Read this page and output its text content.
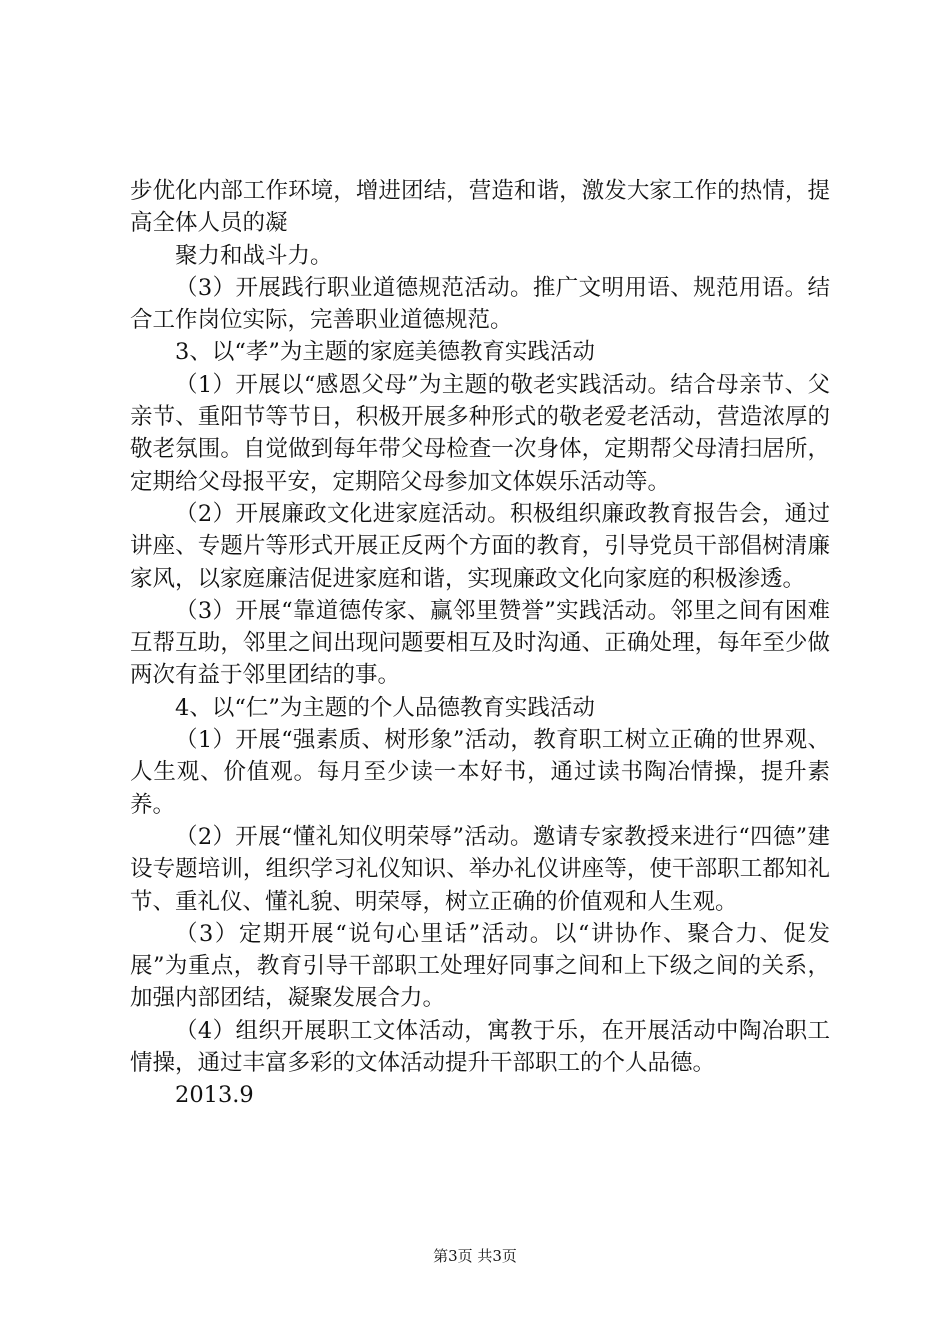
步优化内部工作环境，增进团结，营造和谐，激发大家工作的热情，提高全体人员的凝

聚力和战斗力。

（3）开展践行职业道德规范活动。推广文明用语、规范用语。结合工作岗位实际，完善职业道德规范。

3、以“孝”为主题的家庭美德教育实践活动

（1）开展以“感恩父母”为主题的敬老实践活动。结合母亲节、父亲节、重阳节等节日，积极开展多种形式的敬老爱老活动，营造浓厚的敬老氛围。自觉做到每年带父母检查一次身体，定期帮父母清扫居所，定期给父母报平安，定期陪父母参加文体娱乐活动等。

（2）开展廉政文化进家庭活动。积极组织廉政教育报告会，通过讲座、专题片等形式开展正反两个方面的教育，引导党员干部倡树清廉家风，以家庭廉洁促进家庭和谐，实现廉政文化向家庭的积极渗透。

（3）开展“靠道德传家、赢邻里赞誉”实践活动。邻里之间有困难互帮互助，邻里之间出现问题要相互及时沟通、正确处理，每年至少做两次有益于邻里团结的事。

4、以“仁”为主题的个人品德教育实践活动

（1）开展“强素质、树形象”活动，教育职工树立正确的世界观、人生观、价值观。每月至少读一本好书，通过读书陶冶情操，提升素养。

（2）开展“懂礼知仪明荣辱”活动。邀请专家教授来进行“四德”建设专题培训，组织学习礼仪知识、举办礼仪讲座等，使干部职工都知礼节、重礼仪、懂礼貌、明荣辱，树立正确的价值观和人生观。

（3）定期开展“说句心里话”活动。以“讲协作、聚合力、促发展”为重点，教育引导干部职工处理好同事之间和上下级之间的关系，加强内部团结，凝聚发展合力。

（4）组织开展职工文体活动，寓教于乐，在开展活动中陶冶职工情操，通过丰富多彩的文体活动提升干部职工的个人品德。

2013.9

第3页 共3页
